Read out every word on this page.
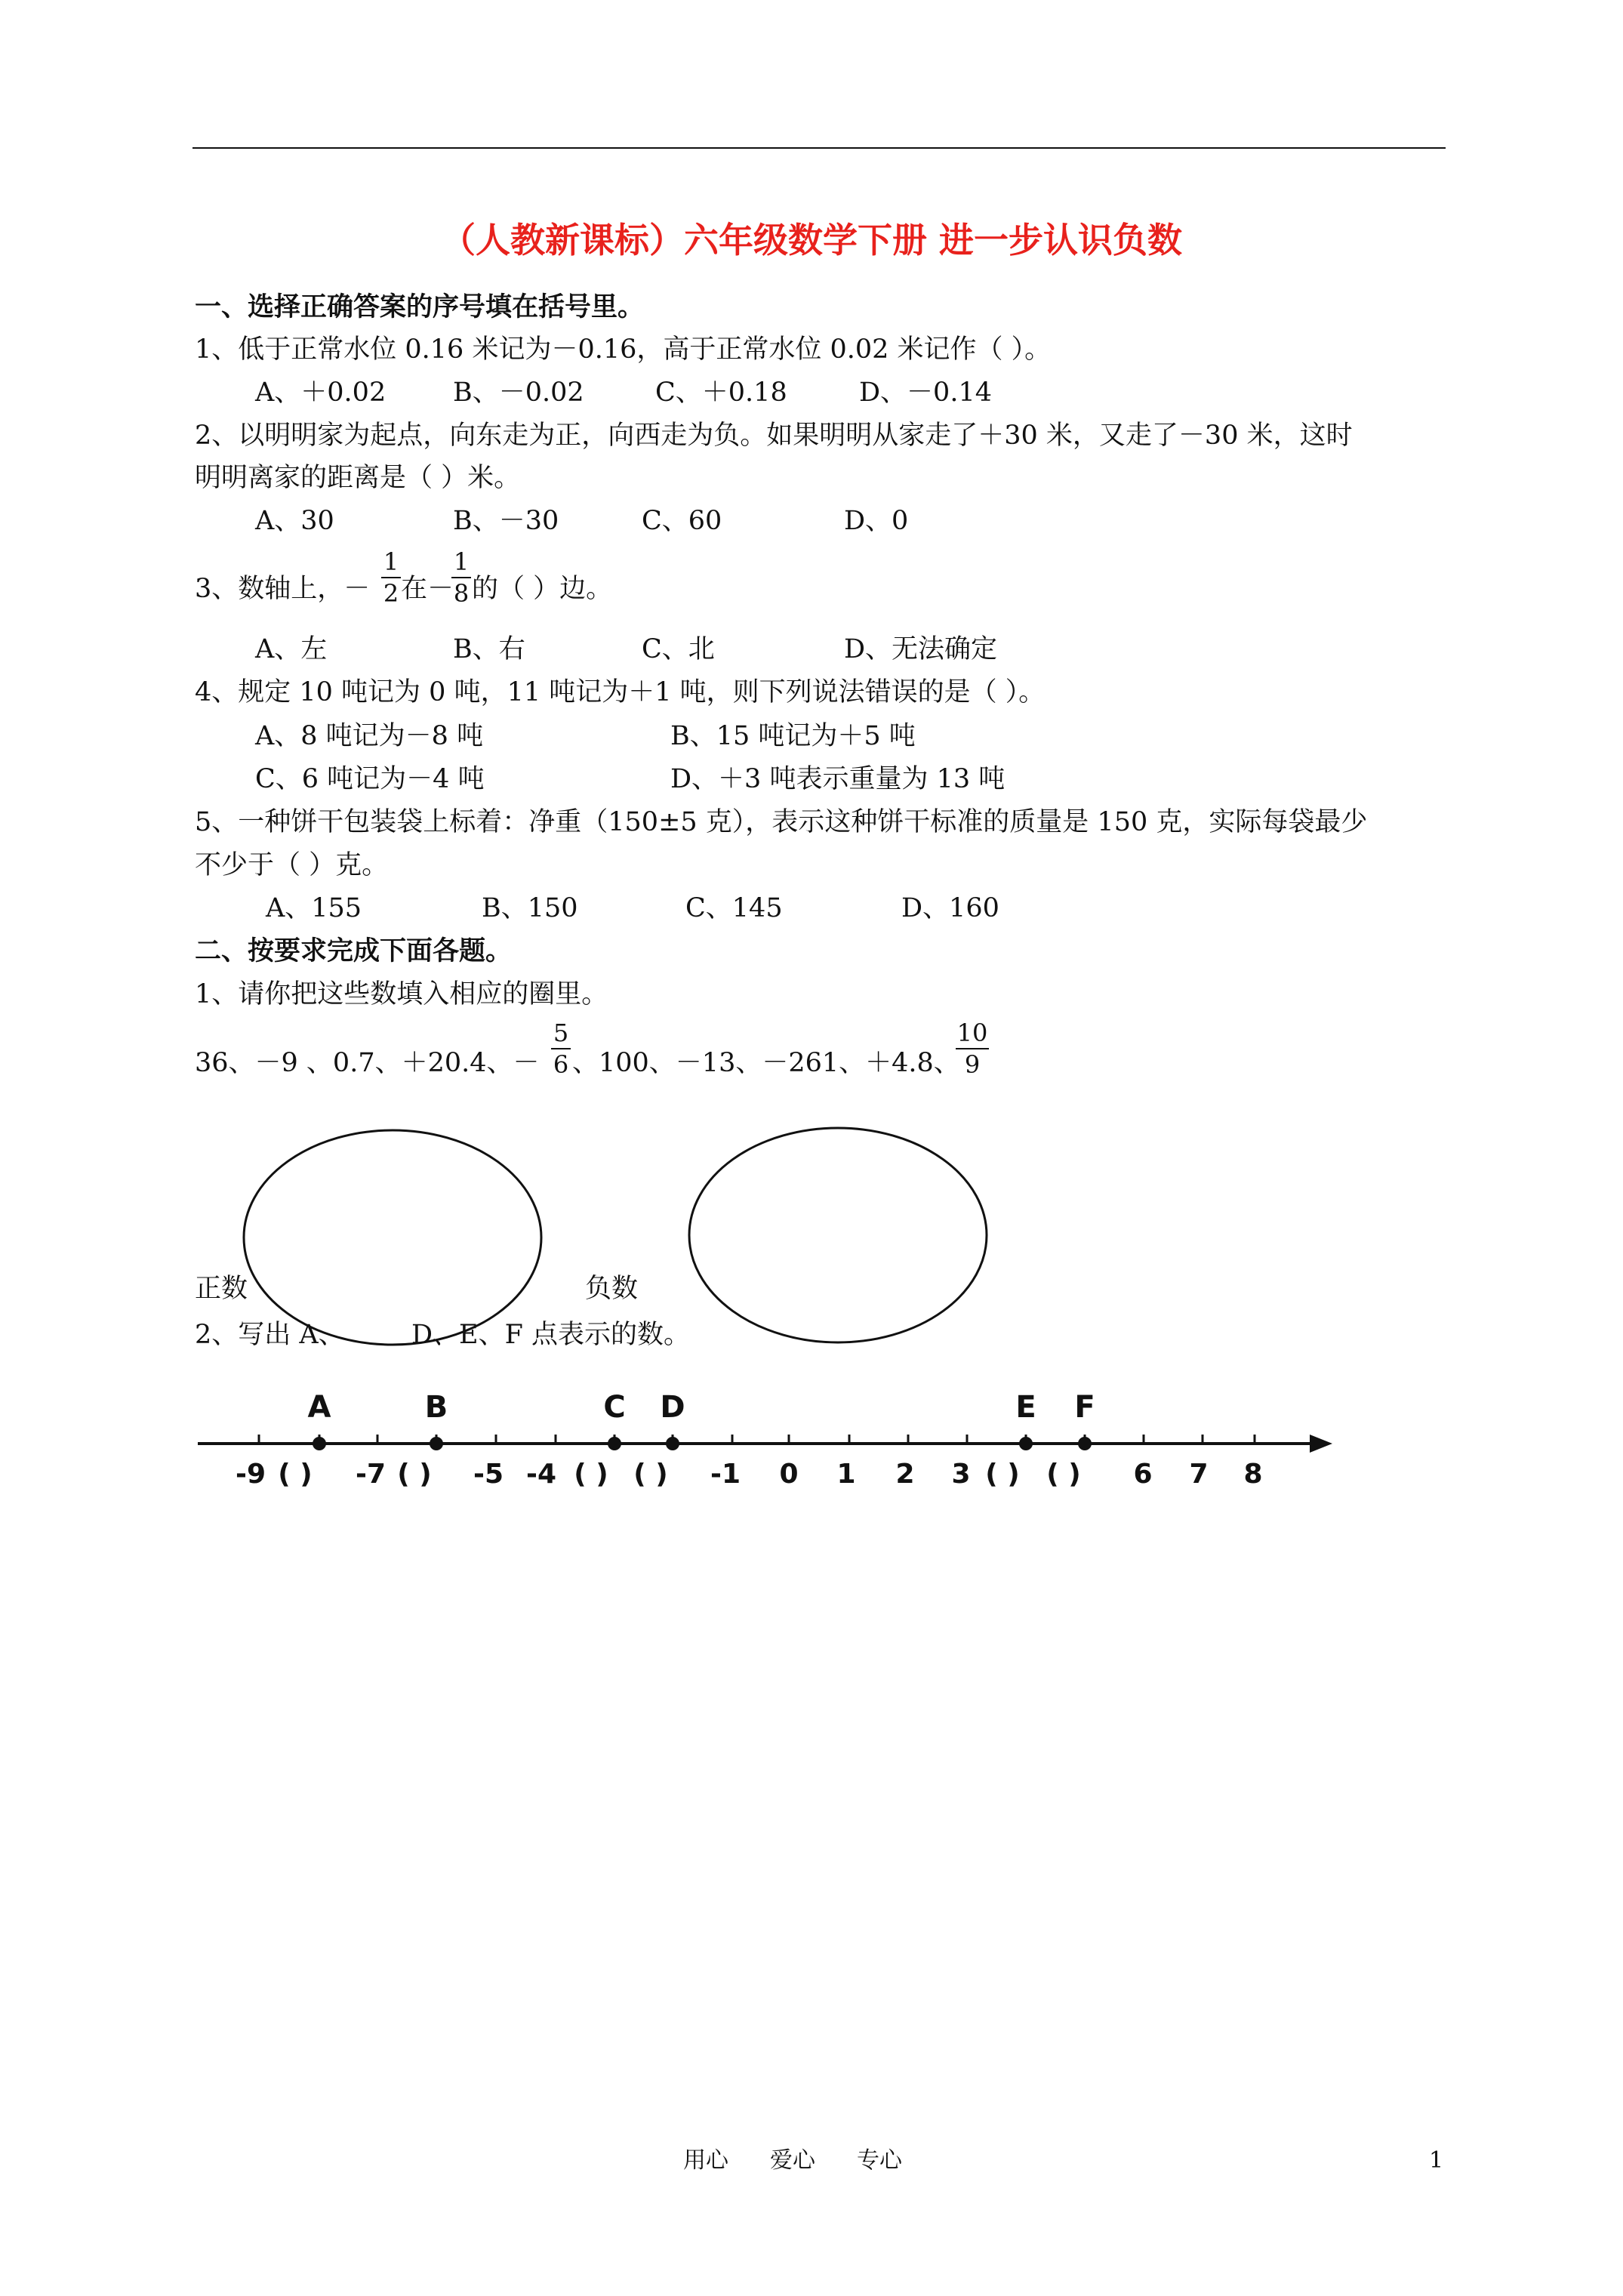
（人教新课标）六年级数学下册 进一步认识负数
一、选择正确答案的序号填在括号里。
1、低于正常水位 0.16 米记为－0.16，高于正常水位 0.02 米记作（ ）。
A、＋0.02	B、－0.02	C、＋0.18	D、－0.14
2、以明明家为起点，向东走为正，向西走为负。如果明明从家走了＋30 米，又走了－30 米，这时
明明离家的距离是（ ）米。
A、30	B、－30	C、60	D、0
3、数轴上，－
1
2 在－
1
8 的（ ）边。
A、左	B、右	C、北	D、无法确定
4、规定 10 吨记为 0 吨，11 吨记为＋1 吨，则下列说法错误的是（ ）。
A、8 吨记为－8 吨	B、15 吨记为＋5 吨
C、6 吨记为－4 吨	D、＋3 吨表示重量为 13 吨
5、一种饼干包装袋上标着：净重（150±5 克），表示这种饼干标准的质量是 150 克，实际每袋最少
不少于（ ）克。
A、155	B、150	C、145	D、160
二、按要求完成下面各题。
1、请你把这些数填入相应的圈里。
36、－9 、0.7、＋20.4、－
5
6 、100、－13、－261、＋4.8、
10
9
正数	负数
2、写出 A、	D、E、F 点表示的数。
A	B	C D	E F
-9	-7	-5 -4	-1 0 1 2 3	6 7 8
( )	( )	( ) ( )	( ) ( )
用心 爱心 专心	1
